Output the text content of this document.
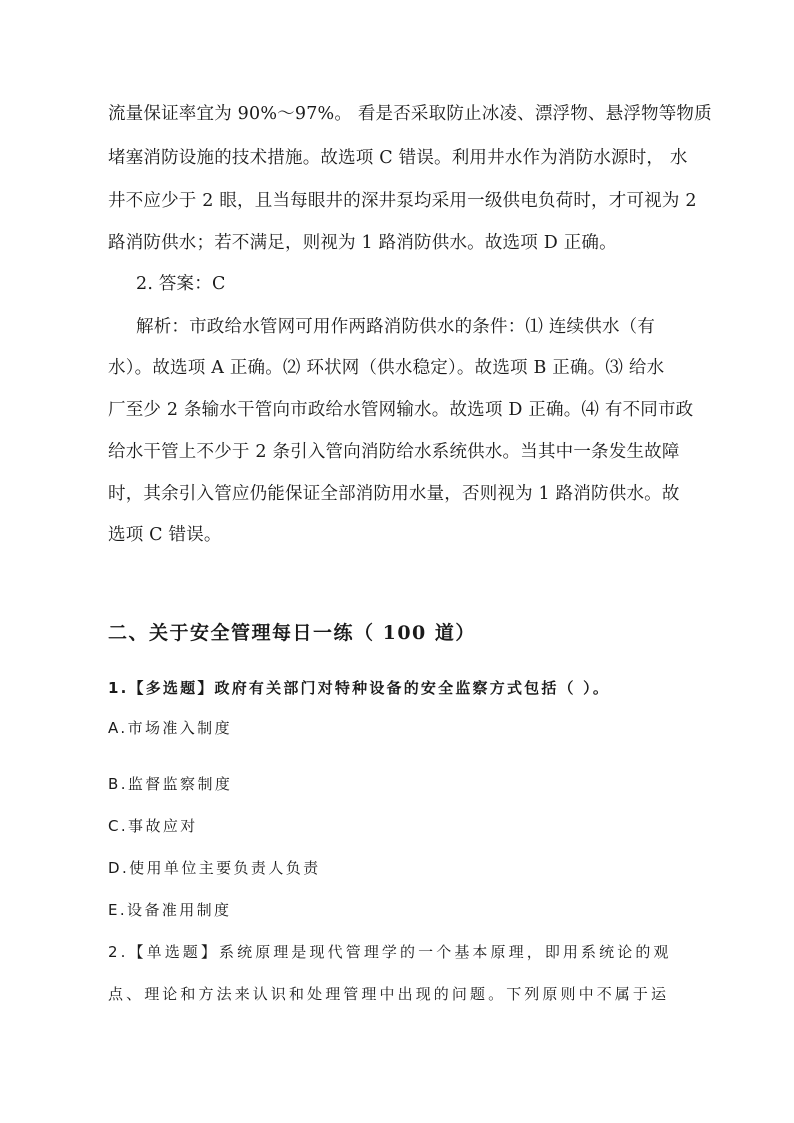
流量保证率宜为 90%～97%。 看是否采取防止冰凌、漂浮物、悬浮物等物质
堵塞消防设施的技术措施。故选项 C 错误。利用井水作为消防水源时， 水
井不应少于 2 眼，且当每眼井的深井泵均采用一级供电负荷时，才可视为 2
路消防供水；若不满足，则视为 1 路消防供水。故选项 D 正确。
2. 答案：C
解析：市政给水管网可用作两路消防供水的条件：⑴ 连续供水（有
水）。故选项 A 正确。⑵ 环状网（供水稳定）。故选项 B 正确。⑶ 给水
厂至少 2 条输水干管向市政给水管网输水。故选项 D 正确。⑷ 有不同市政
给水干管上不少于 2 条引入管向消防给水系统供水。当其中一条发生故障
时，其余引入管应仍能保证全部消防用水量，否则视为 1 路消防供水。故
选项 C 错误。
二、关于安全管理每日一练（ 100 道）
1.【多选题】政府有关部门对特种设备的安全监察方式包括（ ）。
A.市场准入制度
B.监督监察制度
C.事故应对
D.使用单位主要负责人负责
E.设备准用制度
2.【单选题】系统原理是现代管理学的一个基本原理，即用系统论的观
点、理论和方法来认识和处理管理中出现的问题。下列原则中不属于运
